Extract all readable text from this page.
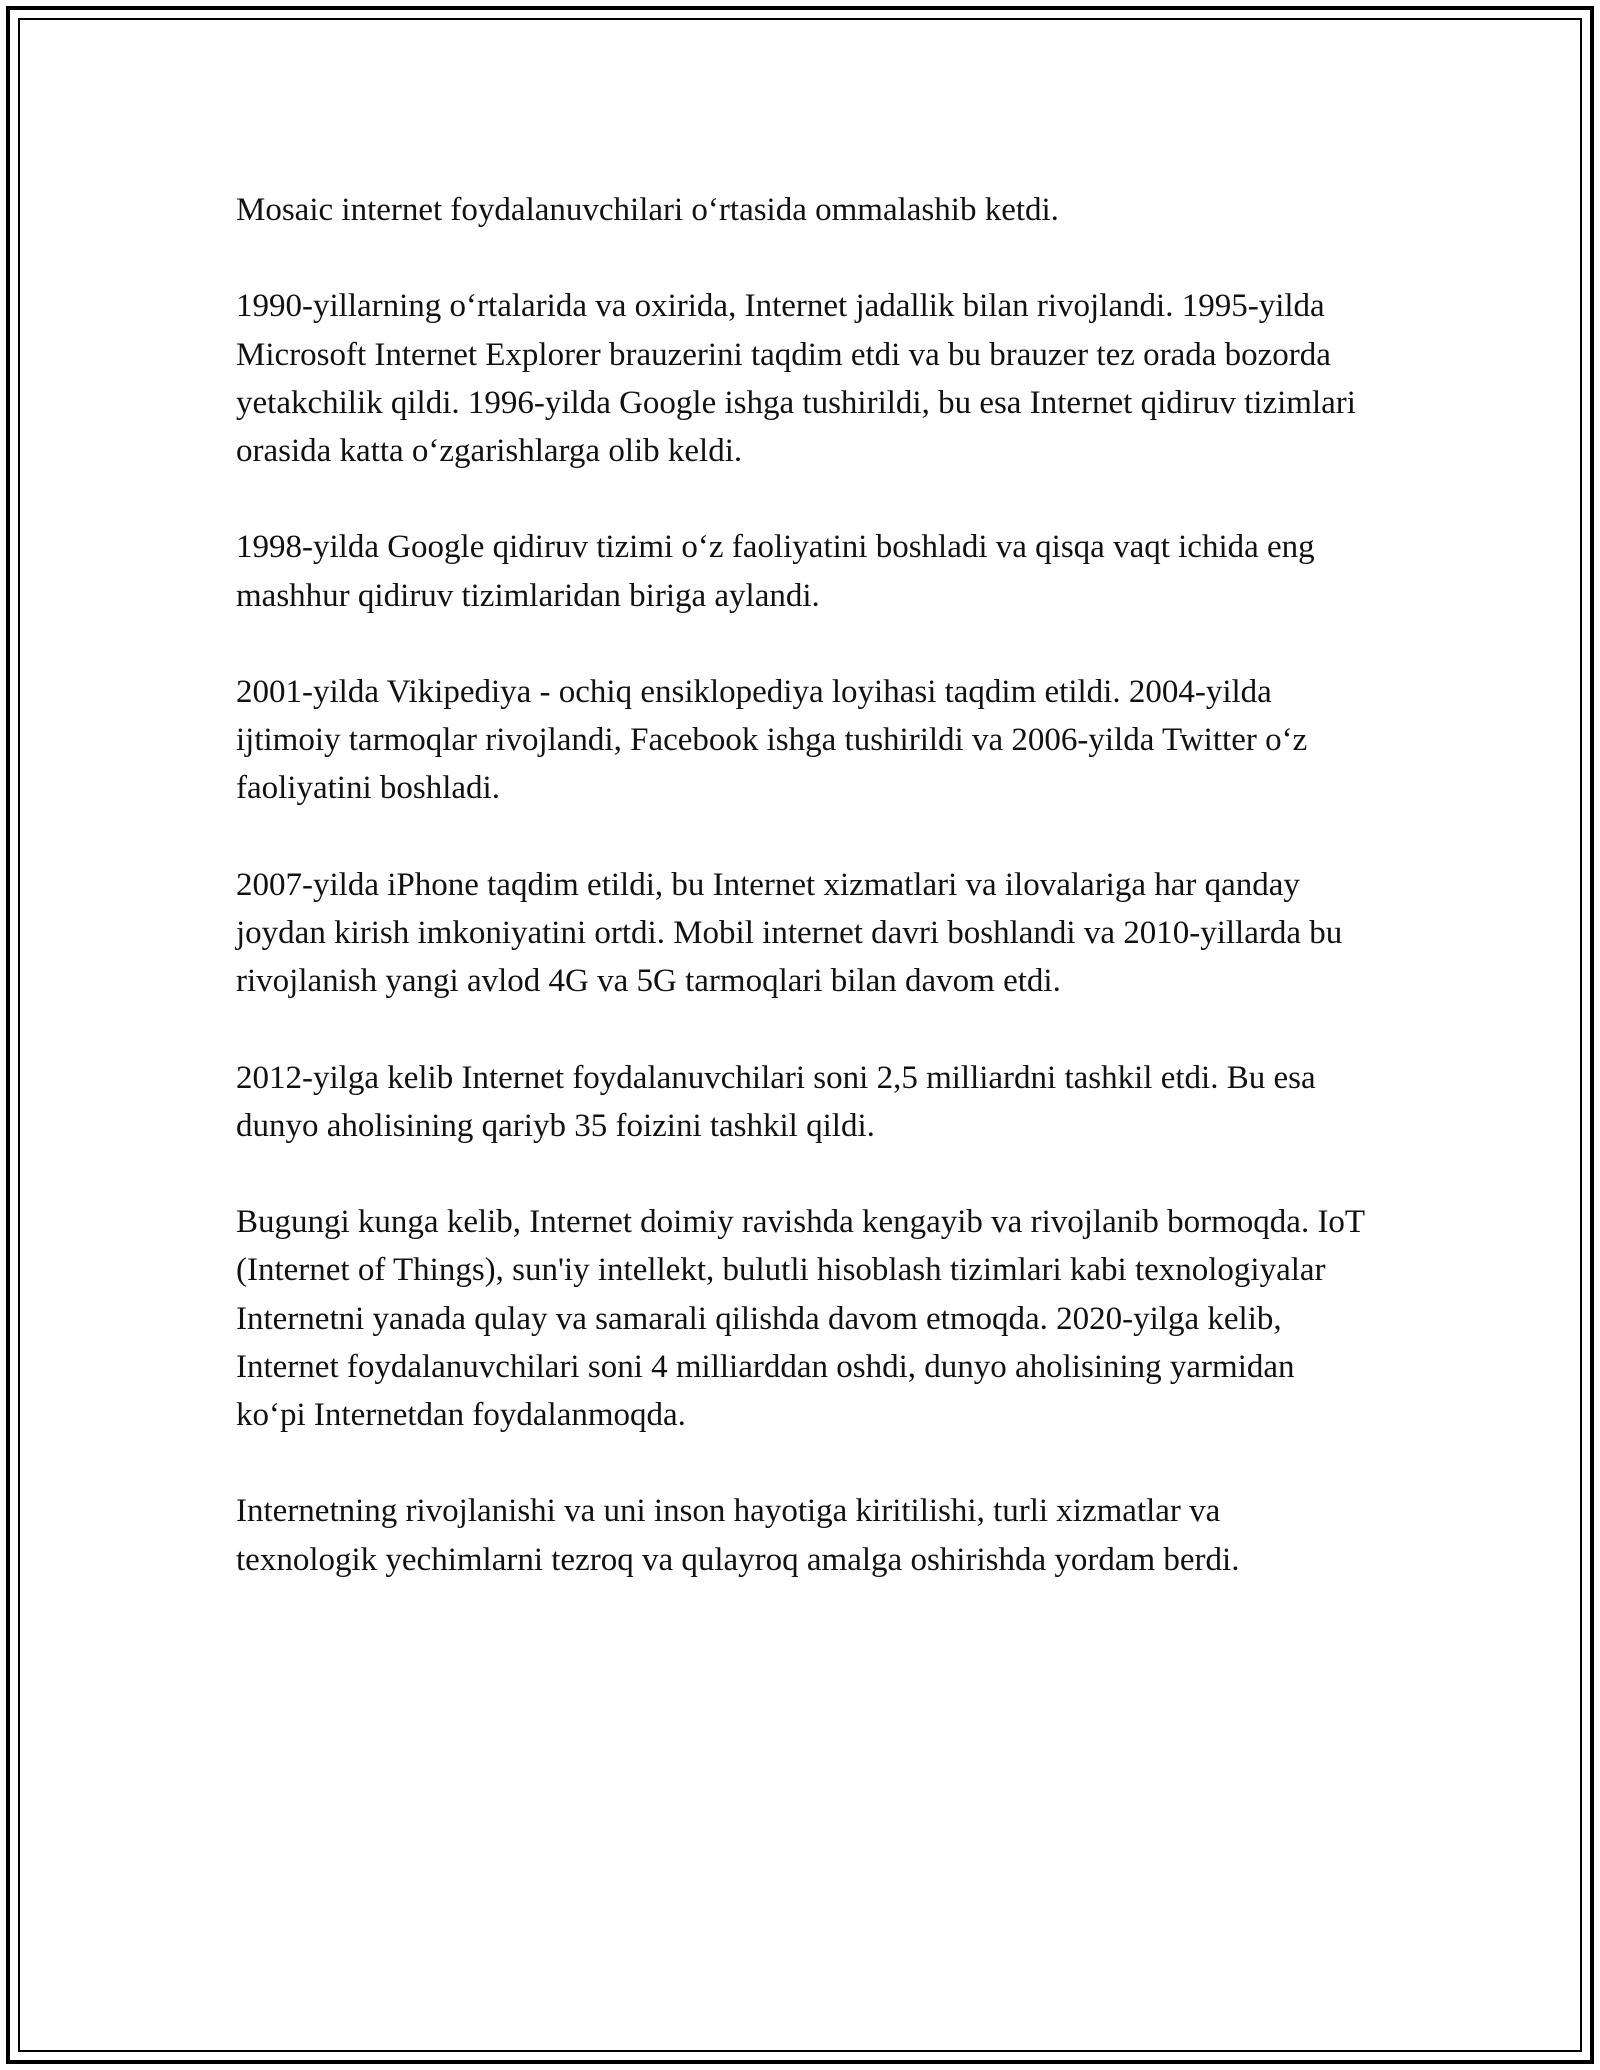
Mosaic internet foydalanuvchilari o‘rtasida ommalashib ketdi.

1990-yillarning o‘rtalarida va oxirida, Internet jadallik bilan rivojlandi. 1995-yilda Microsoft Internet Explorer brauzerini taqdim etdi va bu brauzer tez orada bozorda yetakchilik qildi. 1996-yilda Google ishga tushirildi, bu esa Internet qidiruv tizimlari orasida katta o‘zgarishlarga olib keldi.

1998-yilda Google qidiruv tizimi o‘z faoliyatini boshladi va qisqa vaqt ichida eng mashhur qidiruv tizimlaridan biriga aylandi.

2001-yilda Vikipediya - ochiq ensiklopediya loyihasi taqdim etildi. 2004-yilda ijtimoiy tarmoqlar rivojlandi, Facebook ishga tushirildi va 2006-yilda Twitter o‘z faoliyatini boshladi.

2007-yilda iPhone taqdim etildi, bu Internet xizmatlari va ilovalariga har qanday joydan kirish imkoniyatini ortdi. Mobil internet davri boshlandi va 2010-yillarda bu rivojlanish yangi avlod 4G va 5G tarmoqlari bilan davom etdi.

2012-yilga kelib Internet foydalanuvchilari soni 2,5 milliardni tashkil etdi. Bu esa dunyo aholisining qariyb 35 foizini tashkil qildi.

Bugungi kunga kelib, Internet doimiy ravishda kengayib va rivojlanib bormoqda. IoT (Internet of Things), sun'iy intellekt, bulutli hisoblash tizimlari kabi texnologiyalar Internetni yanada qulay va samarali qilishda davom etmoqda. 2020-yilga kelib, Internet foydalanuvchilari soni 4 milliarddan oshdi, dunyo aholisining yarmidan ko‘pi Internetdan foydalanmoqda.

Internetning rivojlanishi va uni inson hayotiga kiritilishi, turli xizmatlar va texnologik yechimlarni tezroq va qulayroq amalga oshirishda yordam berdi.
